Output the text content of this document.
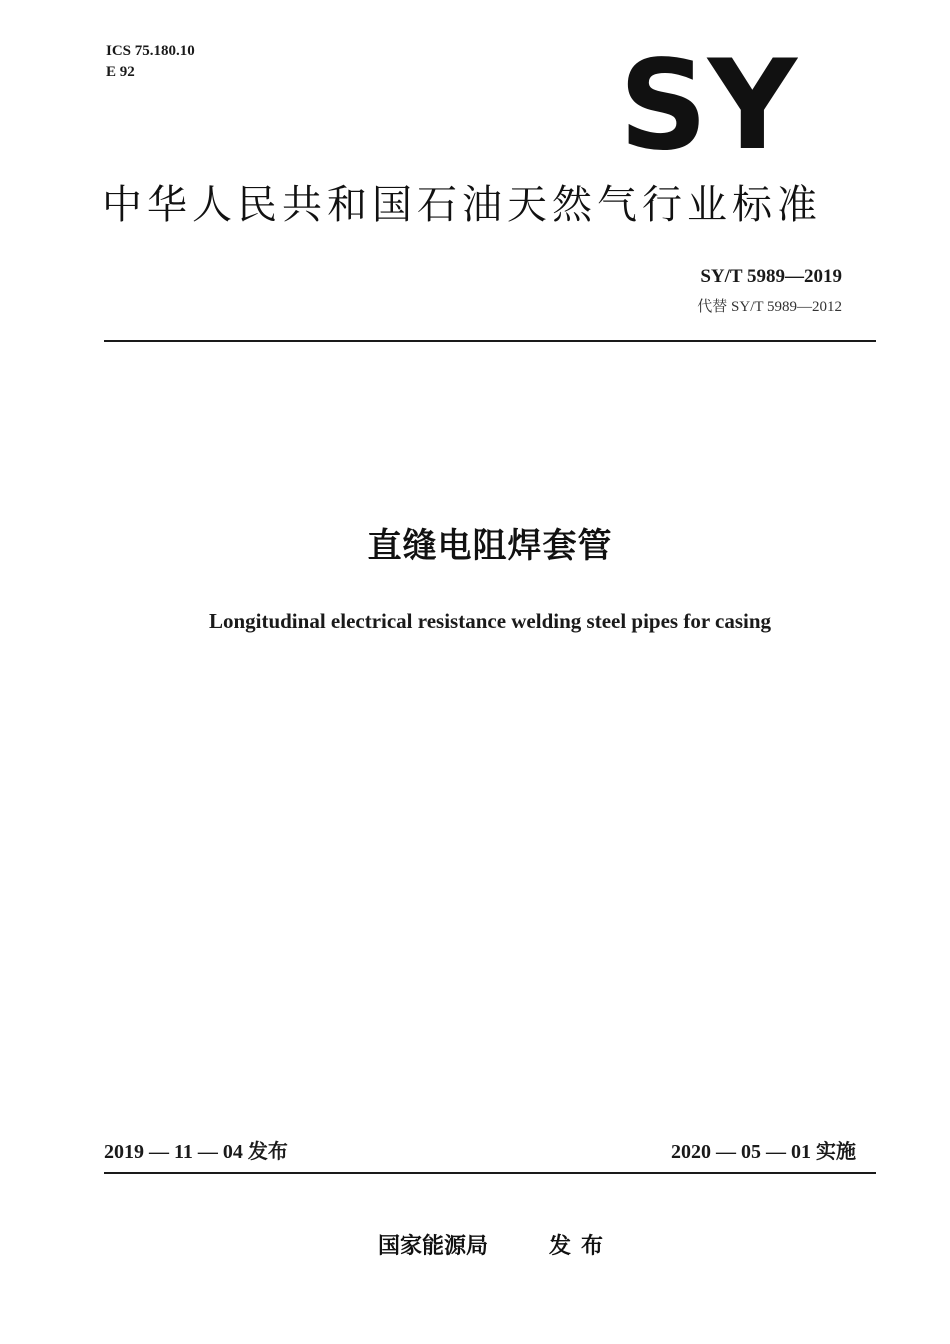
ICS 75.180.10
E 92	SY
中华人民共和国石油天然气行业标准
SY/T 5989—2019
代替 SY/T 5989—2012
直缝电阻焊套管
Longitudinal electrical resistance welding steel pipes for casing
2019 — 11 — 04 发布	2020 — 05 — 01 实施
国家能源局	发布
